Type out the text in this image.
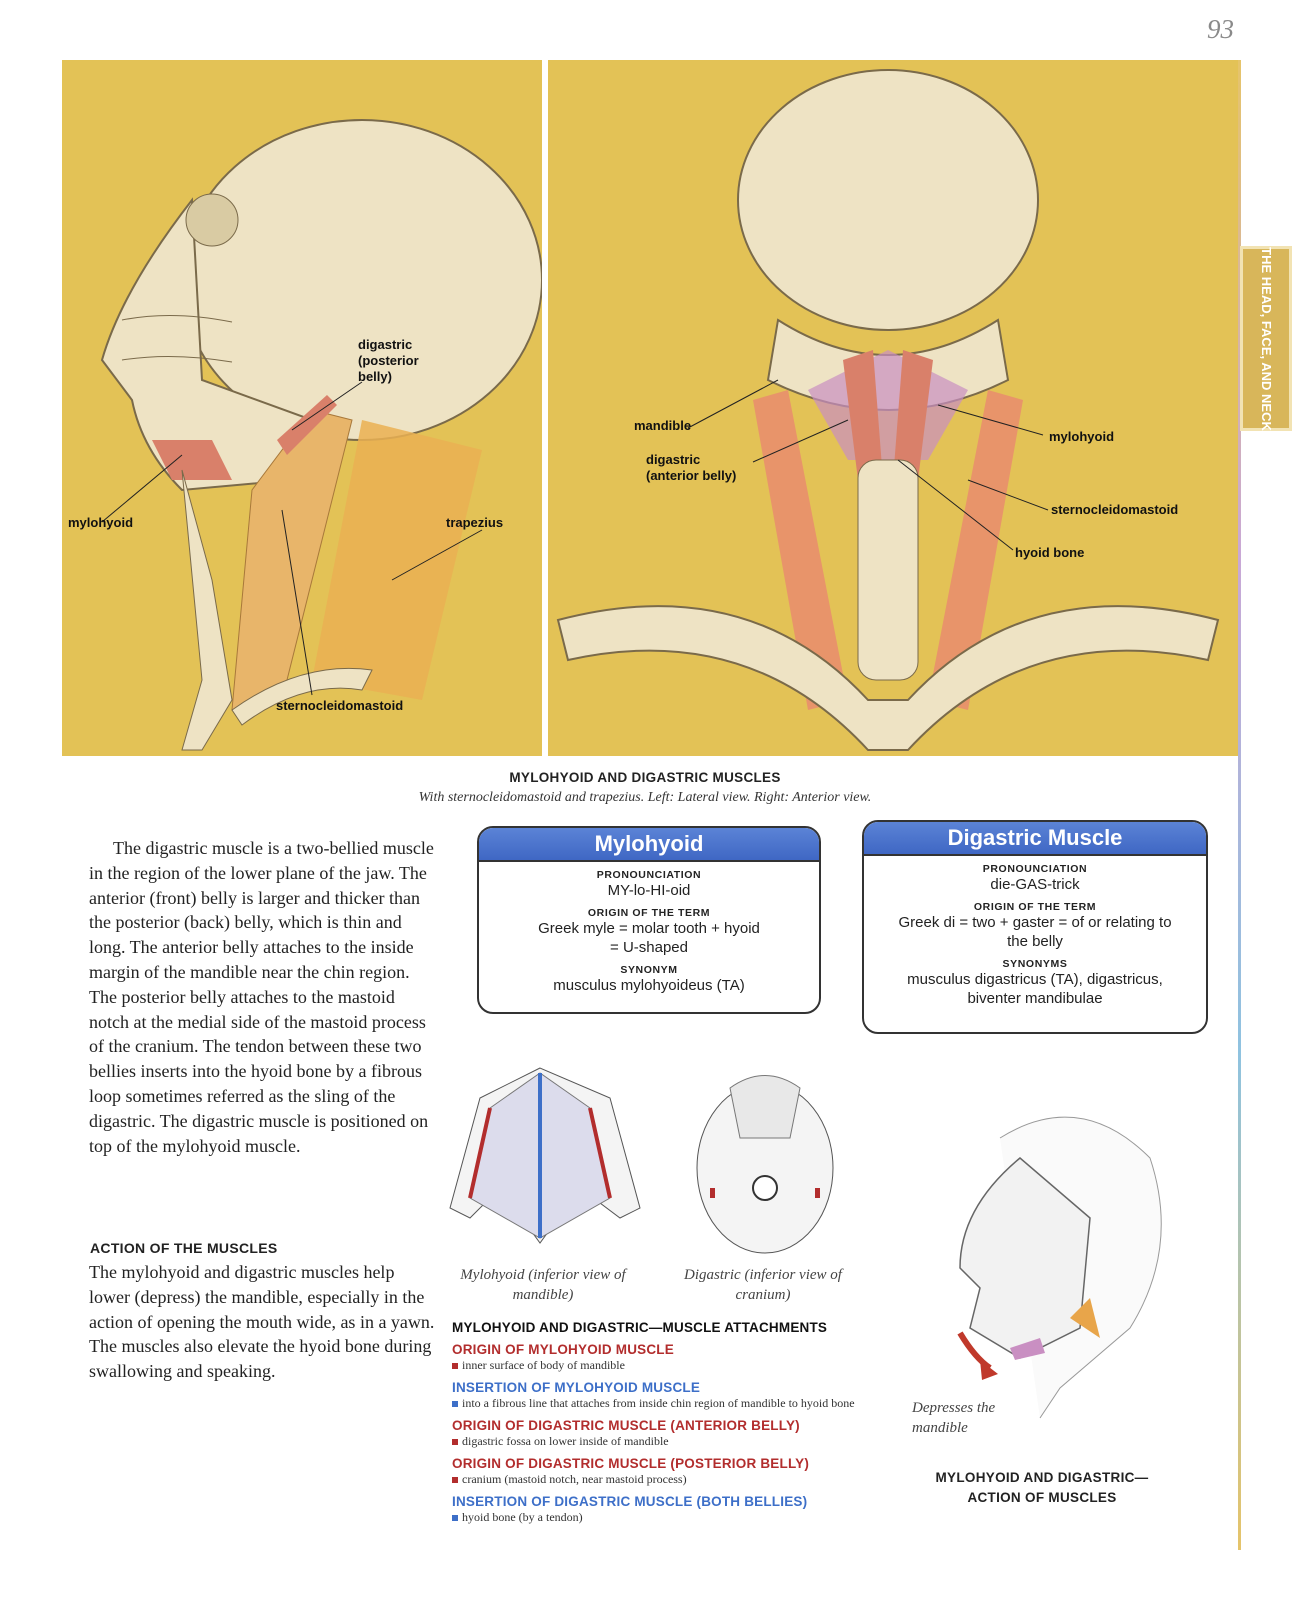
93
THE HEAD, FACE, AND NECK
digastric (posterior belly)
mylohyoid	trapezius
sternocleidomastoid
mandible
digastric (anterior belly)
mylohyoid
sternocleidomastoid
hyoid bone
MYLOHYOID AND DIGASTRIC MUSCLES
With sternocleidomastoid and trapezius. Left: Lateral view. Right: Anterior view.

The digastric muscle is a two-bellied muscle in the region of the lower plane of the jaw. The anterior (front) belly is larger and thicker than the posterior (back) belly, which is thin and long. The anterior belly attaches to the inside margin of the mandible near the chin region. The posterior belly attaches to the mastoid notch at the medial side of the mastoid process of the cranium. The tendon between these two bellies inserts into the hyoid bone by a fibrous loop sometimes referred as the sling of the digastric. The digastric muscle is positioned on top of the mylohyoid muscle.

ACTION OF THE MUSCLES
The mylohyoid and digastric muscles help lower (depress) the mandible, especially in the action of opening the mouth wide, as in a yawn. The muscles also elevate the hyoid bone during swallowing and speaking.
Mylohyoid
PRONOUNCIATION
MY-lo-HI-oid
ORIGIN OF THE TERM
Greek myle = molar tooth + hyoid = U-shaped
SYNONYM
musculus mylohyoideus (TA)
Digastric Muscle
PRONOUNCIATION
die-GAS-trick
ORIGIN OF THE TERM
Greek di = two + gaster = of or relating to the belly
SYNONYMS
musculus digastricus (TA), digastricus, biventer mandibulae
Mylohyoid (inferior view of mandible)
Digastric (inferior view of cranium)
Depresses the mandible
MYLOHYOID AND DIGASTRIC— ACTION OF MUSCLES
MYLOHYOID AND DIGASTRIC—MUSCLE ATTACHMENTS
ORIGIN OF MYLOHYOID MUSCLE
inner surface of body of mandible
INSERTION OF MYLOHYOID MUSCLE
into a fibrous line that attaches from inside chin region of mandible to hyoid bone
ORIGIN OF DIGASTRIC MUSCLE (ANTERIOR BELLY)
digastric fossa on lower inside of mandible
ORIGIN OF DIGASTRIC MUSCLE (POSTERIOR BELLY)
cranium (mastoid notch, near mastoid process)
INSERTION OF DIGASTRIC MUSCLE (BOTH BELLIES)
hyoid bone (by a tendon)
